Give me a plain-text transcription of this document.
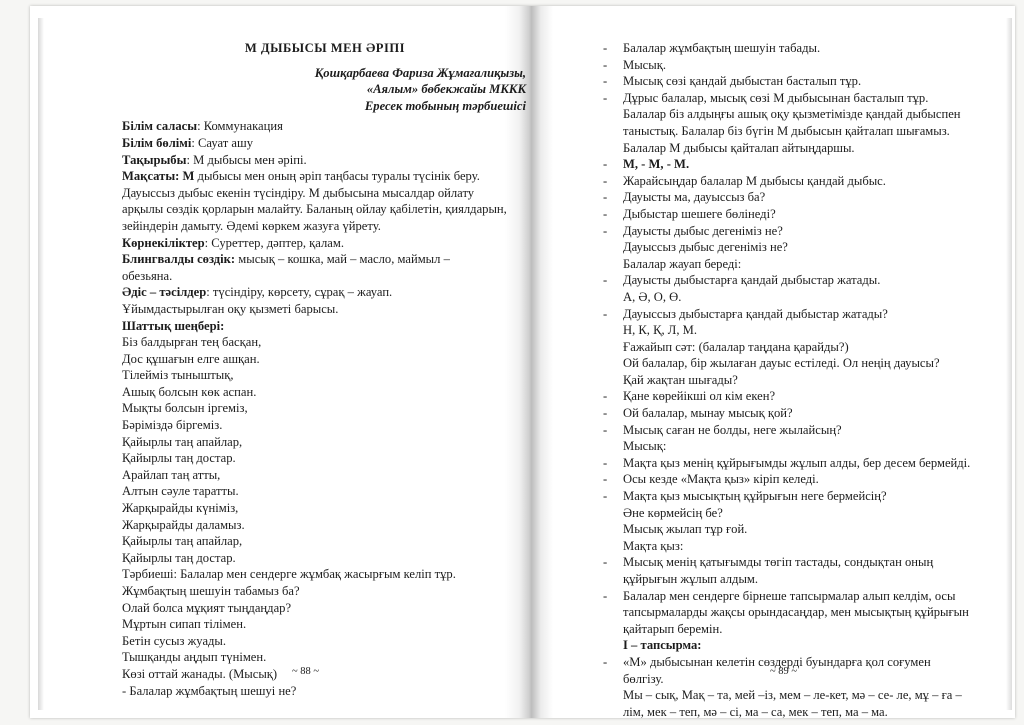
М ДЫБЫСЫ МЕН ӘРІПІ

Қошқарбаева Фариза Жұмағалиқызы,

«Аялым» бөбекжайы МККК

Ересек тобының тәрбиешісі

Білім саласы: Коммунакация

Білім бөлімі: Сауат ашу

Тақырыбы: М дыбысы мен әріпі.

Мақсаты: М дыбысы мен оның әріп таңбасы туралы түсінік беру.

Дауыссыз дыбыс екенін түсіндіру. М дыбысына мысалдар ойлату

арқылы сөздік қорларын малайту. Баланың ойлау қабілетін, қиялдарын,

зейіндерін дамыту. Әдемі көркем жазуға үйрету.

Көрнекіліктер: Суреттер, дәптер, қалам.

Блингвалды сөздік: мысық – кошка, май – масло, маймыл –

обезьяна.

Әдіс – тәсілдер: түсіндіру, көрсету, сұрақ – жауап.

Ұйымдастырылған оқу қызметі барысы.

Шаттық шеңбері:

Біз балдырған тең басқан,

Дос құшағын елге ашқан.

Тілейміз тыныштық,

Ашық болсын көк аспан.

Мықты болсын іргеміз,

Бәріміздә біргеміз.

Қайырлы таң апайлар,

Қайырлы таң достар.

Арайлап таң атты,

Алтын сәуле таратты.

Жарқырайды күніміз,

Жарқырайды даламыз.

Қайырлы таң апайлар,

Қайырлы таң достар.

Тәрбиеші: Балалар мен сендерге жұмбақ жасырғым келіп тұр.

Жұмбақтың шешуін табамыз ба?

Олай болса мұқият тыңдаңдар?

Мұртын сипап тілімен.

Бетін сусыз жуады.

Тышқанды аңдып түнімен.

Көзі оттай жанады. (Мысық)

- Балалар жұмбақтың шешуі не?

~ 88 ~

- Балалар жұмбақтың шешуін табады.

- Мысық.

- Мысық сөзі қандай дыбыстан басталып тұр.

- Дұрыс балалар, мысық сөзі М дыбысынан басталып тұр.

Балалар біз алдыңғы ашық оқу қызметімізде қандай дыбыспен

таныстық. Балалар біз бүгін М дыбысын қайталап шығамыз.

Балалар М дыбысы қайталап айтыңдаршы.

- М, - М, - М.

- Жарайсыңдар балалар М дыбысы қандай дыбыс.

- Дауысты ма, дауыссыз ба?

- Дыбыстар шешеге бөлінеді?

- Дауысты дыбыс дегеніміз не?

Дауыссыз дыбыс дегеніміз не?

Балалар жауап береді:

- Дауысты дыбыстарға қандай дыбыстар жатады.

А, Ә, О, Ө.

- Дауыссыз дыбыстарға қандай дыбыстар жатады?

Н, К, Қ, Л, М.

Ғажайып сәт: (балалар таңдана қарайды?)

Ой балалар, бір жылаған дауыс естіледі. Ол неңің дауысы?

Қай жақтан шығады?

- Қане көрейікші ол кім екен?

- Ой балалар, мынау мысық қой?

- Мысық саған не болды, неге жылайсың?

Мысық:

- Мақта қыз менің құйрығымды жұлып алды, бер десем бермейді.

- Осы кезде «Мақта қыз» кіріп келеді.

- Мақта қыз мысықтың құйрығын неге бермейсің?

Әне көрмейсің бе?

Мысық жылап тұр ғой.

Мақта қыз:

- Мысық менің қатығымды төгіп тастады, сондықтан оның

құйрығын жұлып алдым.

- Балалар мен сендерге бірнеше тапсырмалар алып келдім, осы

тапсырмаларды жақсы орындасаңдар, мен мысықтың құйрығын

қайтарып беремін.

І – тапсырма:

- «М» дыбысынан келетін сөздерді буындарға қол соғумен

бөлгізу.

Мы – сық, Мақ – та, мей –із, мем – ле-кет, мә – се- ле, мұ – ға –

лім, мек – теп, мә – сі, ма – са, мек – теп, ма – ма.

~ 89 ~
